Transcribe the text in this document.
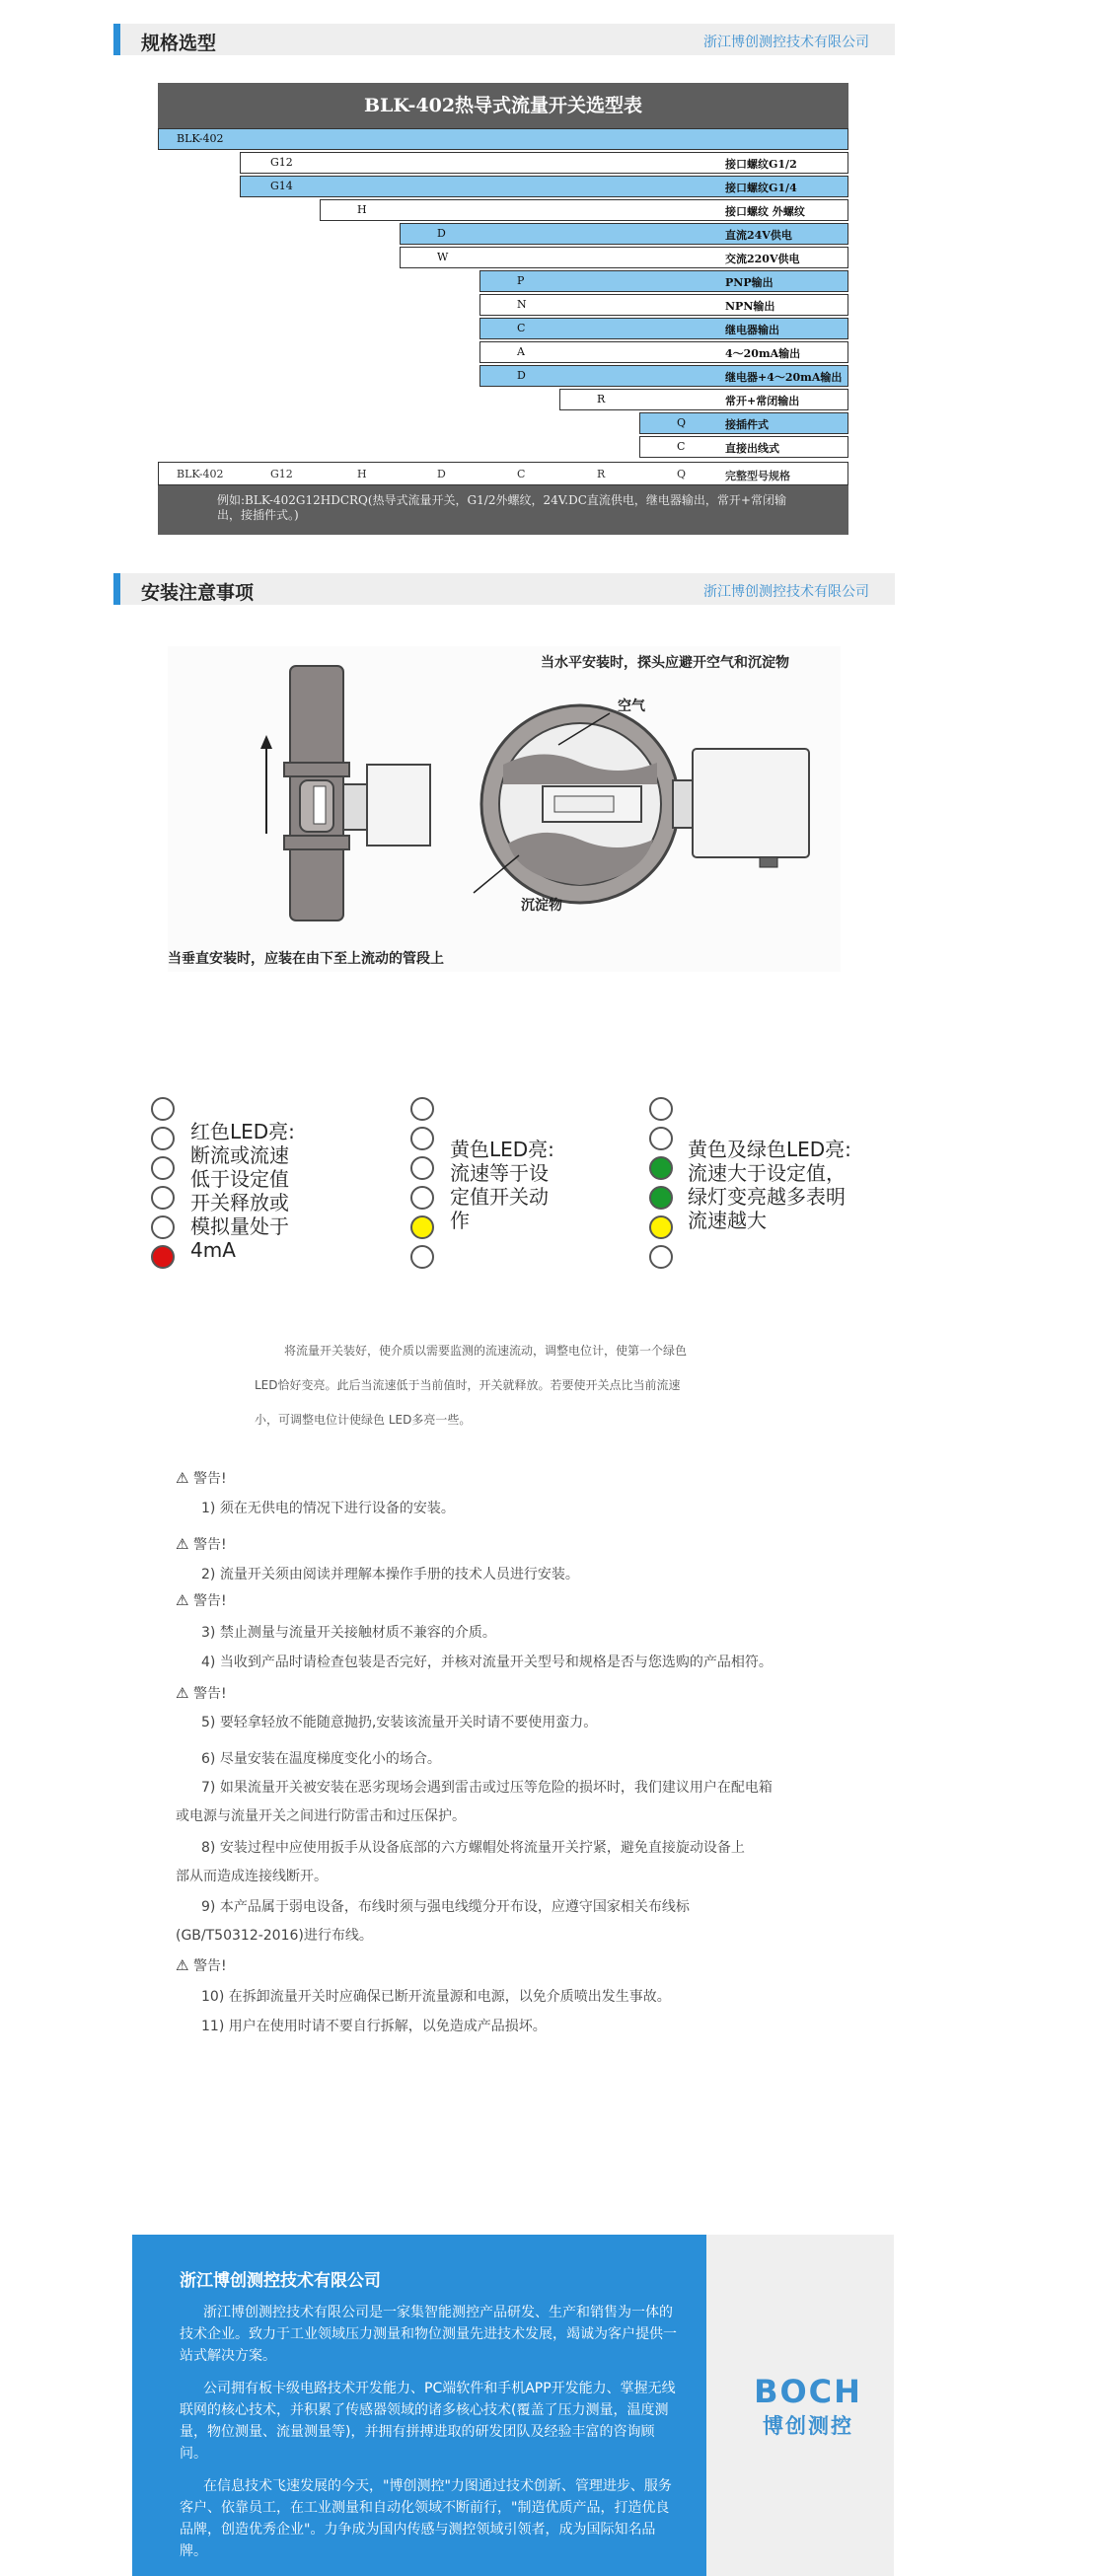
规格选型	浙江博创测控技术有限公司
BLK-402热导式流量开关选型表
BLK-402
G12	接口螺纹G1/2
G14	接口螺纹G1/4
H	接口螺纹 外螺纹
D	直流24V供电
W	交流220V供电
P	PNP输出
N	NPN输出
C	继电器输出
A	4～20mA输出
D	继电器+4～20mA输出
R	常开+常闭输出
Q	接插件式
C	直接出线式
BLK-402	G12	H	D	C	R	Q	完整型号规格
例如:BLK-402G12HDCRQ(热导式流量开关，G1/2外螺纹，24V.DC直流供电，继电器输出，常开+常闭输出，接插件式。)
安装注意事项	浙江博创测控技术有限公司
当水平安装时，探头应避开空气和沉淀物
空气
沉淀物
当垂直安装时，应装在由下至上流动的管段上
红色LED亮:
断流或流速
低于设定值
开关释放或
模拟量处于
4mA
黄色LED亮:
流速等于设
定值开关动
作
黄色及绿色LED亮:
流速大于设定值，
绿灯变亮越多表明
流速越大
将流量开关装好，使介质以需要监测的流速流动，调整电位计，使第一个绿色
LED恰好变亮。此后当流速低于当前值时，开关就释放。若要使开关点比当前流速
小，可调整电位计使绿色 LED多亮一些。
⚠ 警告!
1) 须在无供电的情况下进行设备的安装。
⚠ 警告!
2) 流量开关须由阅读并理解本操作手册的技术人员进行安装。
⚠ 警告!
3) 禁止测量与流量开关接触材质不兼容的介质。
4) 当收到产品时请检查包装是否完好，并核对流量开关型号和规格是否与您选购的产品相符。
⚠ 警告!
5) 要轻拿轻放不能随意抛扔,安装该流量开关时请不要使用蛮力。
6) 尽量安装在温度梯度变化小的场合。
7) 如果流量开关被安装在恶劣现场会遇到雷击或过压等危险的损坏时，我们建议用户在配电箱
或电源与流量开关之间进行防雷击和过压保护。
8) 安装过程中应使用扳手从设备底部的六方螺帽处将流量开关拧紧，避免直接旋动设备上
部从而造成连接线断开。
9) 本产品属于弱电设备，布线时须与强电线缆分开布设，应遵守国家相关布线标
(GB/T50312-2016)进行布线。
⚠ 警告!
10) 在拆卸流量开关时应确保已断开流量源和电源，以免介质喷出发生事故。
11) 用户在使用时请不要自行拆解，以免造成产品损坏。
浙江博创测控技术有限公司
浙江博创测控技术有限公司是一家集智能测控产品研发、生产和销售为一体的技术企业。致力于工业领域压力测量和物位测量先进技术发展，竭诚为客户提供一站式解决方案。
公司拥有板卡级电路技术开发能力、PC端软件和手机APP开发能力、掌握无线联网的核心技术，并积累了传感器领域的诸多核心技术(覆盖了压力测量，温度测量，物位测量、流量测量等)，并拥有拼搏进取的研发团队及经验丰富的咨询顾问。
在信息技术飞速发展的今天，"博创测控"力图通过技术创新、管理进步、服务客户、依靠员工，在工业测量和自动化领域不断前行，"制造优质产品，打造优良品牌，创造优秀企业"。力争成为国内传感与测控领域引领者，成为国际知名品牌。
BOCH
博创测控
